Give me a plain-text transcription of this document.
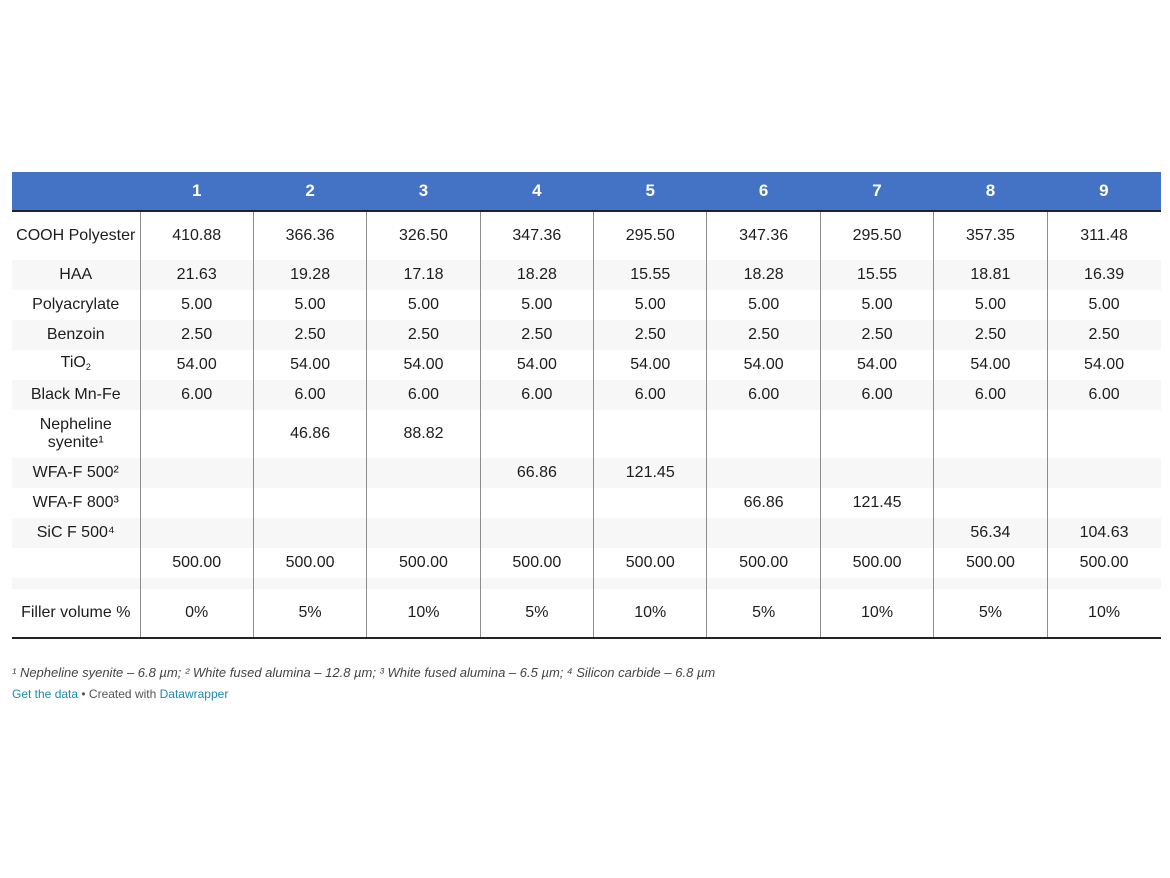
	1	2	3	4	5	6	7	8	9
COOH Polyester	410.88	366.36	326.50	347.36	295.50	347.36	295.50	357.35	311.48
HAA	21.63	19.28	17.18	18.28	15.55	18.28	15.55	18.81	16.39
Polyacrylate	5.00	5.00	5.00	5.00	5.00	5.00	5.00	5.00	5.00
Benzoin	2.50	2.50	2.50	2.50	2.50	2.50	2.50	2.50	2.50
TiO$_2$	54.00	54.00	54.00	54.00	54.00	54.00	54.00	54.00	54.00
Black Mn-Fe	6.00	6.00	6.00	6.00	6.00	6.00	6.00	6.00	6.00
Nepheline syenite¹		46.86	88.82						
WFA-F 500²				66.86	121.45				
WFA-F 800³						66.86	121.45		
SiC F 500⁴								56.34	104.63
	500.00	500.00	500.00	500.00	500.00	500.00	500.00	500.00	500.00

Filler volume %	0%	5%	10%	5%	10%	5%	10%	5%	10%
¹ Nepheline syenite – 6.8 µm; ² White fused alumina – 12.8 µm; ³ White fused alumina – 6.5 µm; ⁴ Silicon carbide – 6.8 µm
Get the data • Created with Datawrapper
